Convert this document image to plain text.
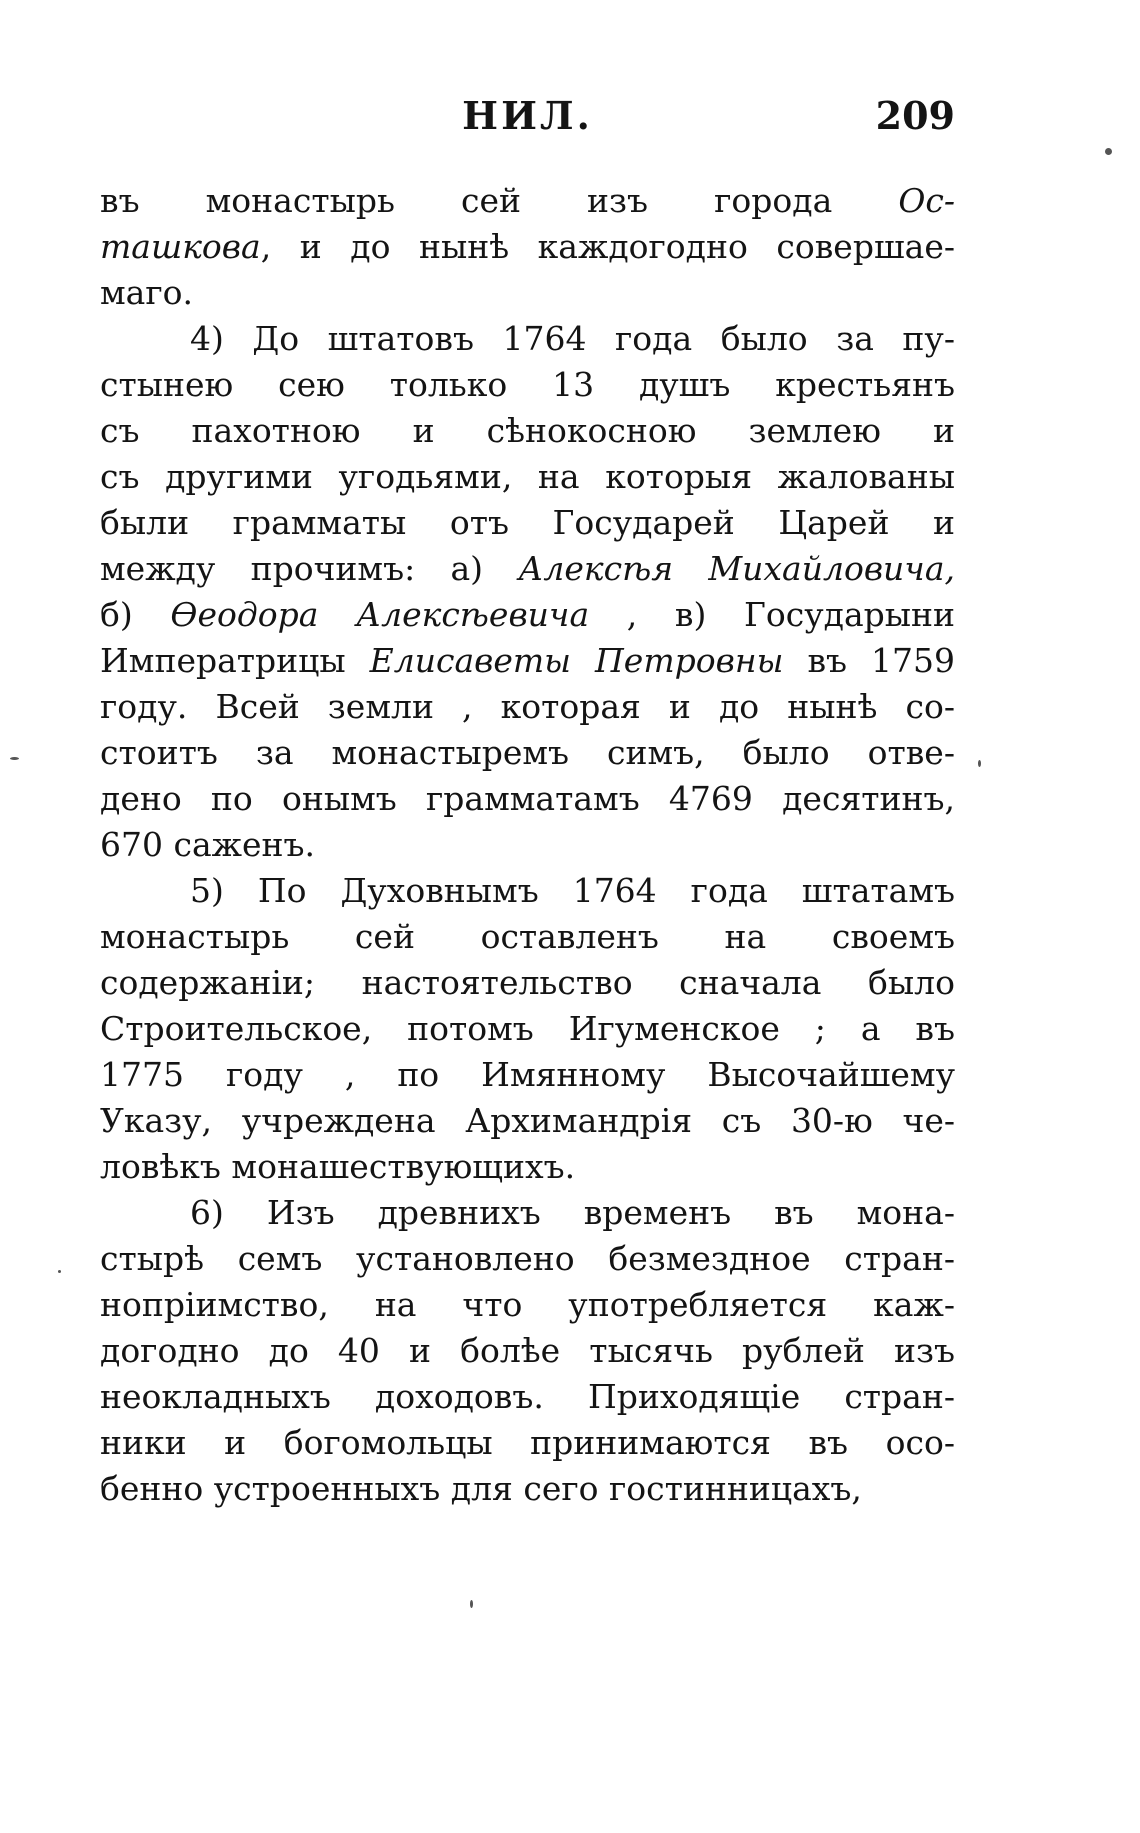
НИЛ.	209
въ монастырь сей изъ города Ос-
ташкова, и до нынѣ каждогодно совершае-
маго.
4) До штатовъ 1764 года было за пу-
стынею сею только 13 душъ крестьянъ
съ пахотною и сѣнокосною землею и
съ другими угодьями, на которыя жалованы
были грамматы отъ Государей Царей и
между прочимъ: а) Алексѣя Михайловича,
б) Өеодора Алексѣевича , в) Государыни
Императрицы Елисаветы Петровны въ 1759
году. Всей земли , которая и до нынѣ со-
стоитъ за монастыремъ симъ, было отве-
дено по онымъ грамматамъ 4769 десятинъ,
670 саженъ.
5) По Духовнымъ 1764 года штатамъ
монастырь сей оставленъ на своемъ
содержаніи; настоятельство сначала было
Строительское, потомъ Игуменское ; а въ
1775 году , по Имянному Высочайшему
Указу, учреждена Архимандрія съ 30-ю че-
ловѣкъ монашествующихъ.
6) Изъ древнихъ временъ въ мона-
стырѣ семъ установлено безмездное стран-
нопріимство, на что употребляется каж-
догодно до 40 и болѣе тысячь рублей изъ
неокладныхъ доходовъ. Приходящіе стран-
ники и богомольцы принимаются въ осо-
бенно устроенныхъ для сего гостинницахъ,
